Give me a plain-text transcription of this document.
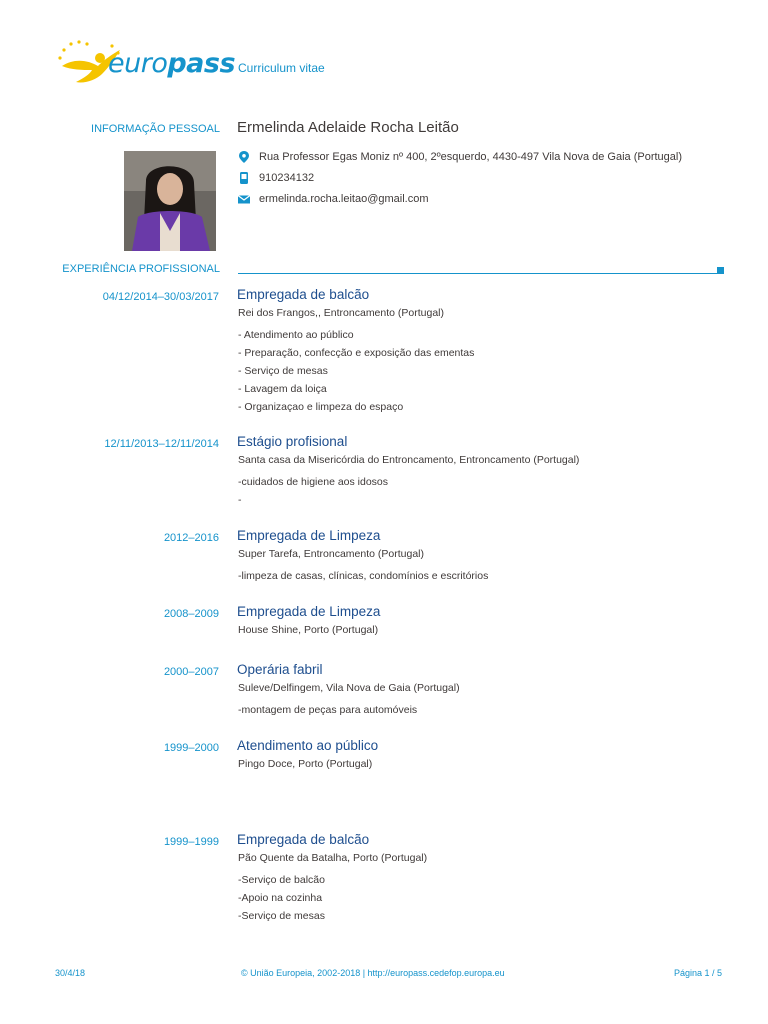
europass Curriculum vitae
INFORMAÇÃO PESSOAL Ermelinda Adelaide Rocha Leitão
Rua Professor Egas Moniz nº 400, 2ºesquerdo, 4430-497 Vila Nova de Gaia (Portugal)
910234132
ermelinda.rocha.leitao@gmail.com
EXPERIÊNCIA PROFISSIONAL
04/12/2014–30/03/2017 Empregada de balcão
Rei dos Frangos,, Entroncamento (Portugal)
- Atendimento ao público
- Preparação, confecção e exposição das ementas
- Serviço de mesas
- Lavagem da loiça
- Organizaçao e limpeza do espaço
12/11/2013–12/11/2014 Estágio profisional
Santa casa da Misericórdia do Entroncamento, Entroncamento (Portugal)
-cuidados de higiene aos idosos
-
2012–2016 Empregada de Limpeza
Super Tarefa, Entroncamento (Portugal)
-limpeza de casas, clínicas, condomínios e escritórios
2008–2009 Empregada de Limpeza
House Shine, Porto (Portugal)
2000–2007 Operária fabril
Suleve/Delfingem, Vila Nova de Gaia (Portugal)
-montagem de peças para automóveis
1999–2000 Atendimento ao público
Pingo Doce, Porto (Portugal)
1999–1999 Empregada de balcão
Pão Quente da Batalha, Porto (Portugal)
-Serviço de balcão
-Apoio na cozinha
-Serviço de mesas
30/4/18	© União Europeia, 2002-2018 | http://europass.cedefop.europa.eu	Página 1 / 5
